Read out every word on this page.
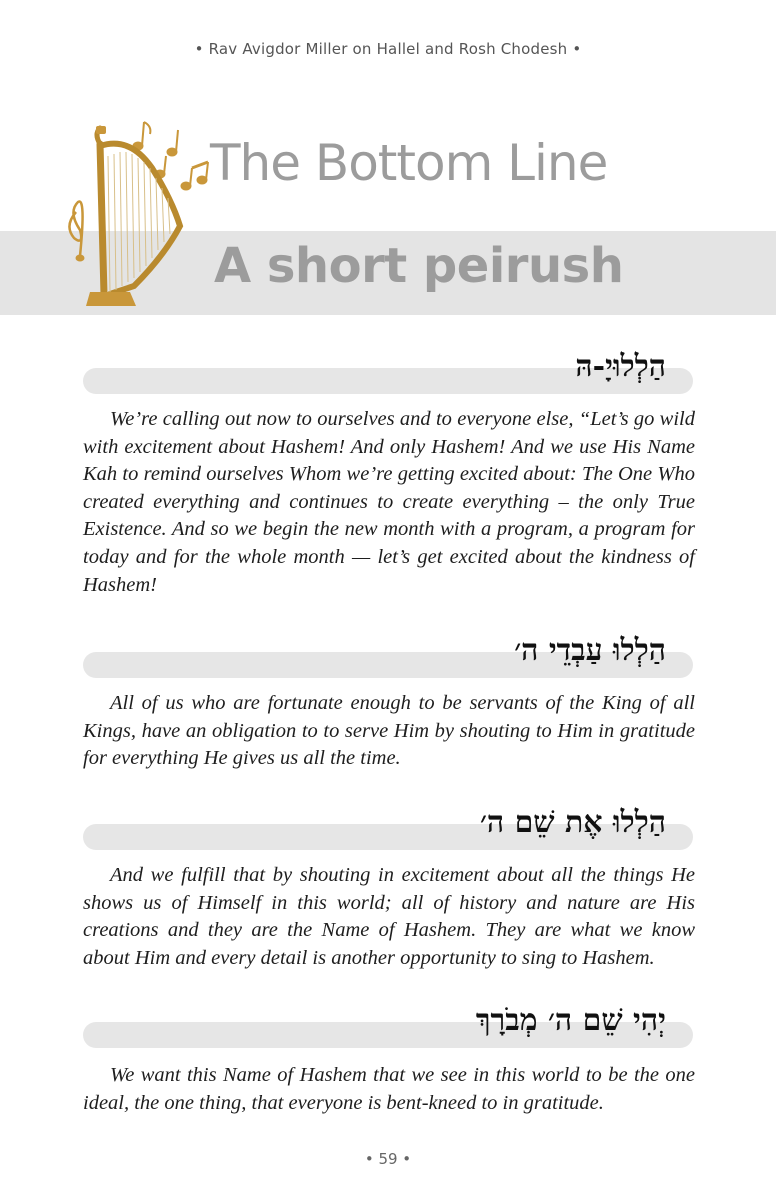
• Rav Avigdor Miller on Hallel and Rosh Chodesh •
The Bottom Line
A short peirush
הַלְלוּיָ-הּ
We’re calling out now to ourselves and to everyone else, “Let’s go wild with excitement about Hashem! And only Hashem! And we use His Name Kah to remind ourselves Whom we’re getting excited about: The One Who created everything and continues to create everything – the only True Existence. And so we begin the new month with a program, a program for today and for the whole month — let’s get excited about the kindness of Hashem!
הַלְלוּ עַבְדֵי ה׳
All of us who are fortunate enough to be servants of the King of all Kings, have an obligation to to serve Him by shouting to Him in gratitude for everything He gives us all the time.
הַלְלוּ אֶת שֵׁם ה׳
And we fulfill that by shouting in excitement about all the things He shows us of Himself in this world; all of history and nature are His creations and they are the Name of Hashem. They are what we know about Him and every detail is another opportunity to sing to Hashem.
יְהִי שֵׁם ה׳ מְבֹרָךְ
We want this Name of Hashem that we see in this world to be the one ideal, the one thing, that everyone is bent-kneed to in gratitude.
• 59 •
